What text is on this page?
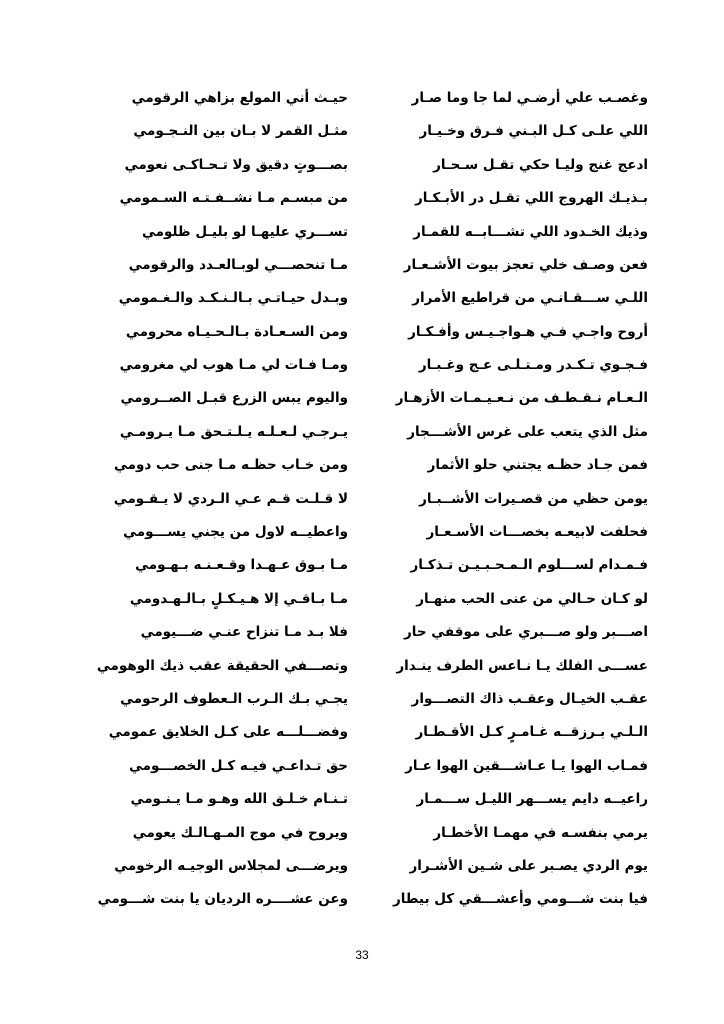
وغصـب علي أرضـي لما جا وما صـار
حيـث أني المولع بزاهي الرقومي
اللي علـى كـل البـني فـرق وخـيـار
مثـل القمر لا بـان بين النـجـومي
ادعج غنج وليـا حكي تقـل سـحـار
بصـــوتٍ دقيق ولا تـحـاكـى نعومي
بـذيـك الهروج اللي تقـل در الأبـكـار
من مبسـم مـا نشــفـتـه السـمومي
وذيك الخـدود اللي تشـــابــه للقمـار
تســـري عليهـا لو بليـل ظلومي
فعن وصـف خلي تعجز بيوت الأشـعـار
مـا تنحصـــي لوبـالعـدد والرقومي
اللـي ســـقـانـي من قراطيع الأمرار
وبـدل حيـاتـي بـالـنـكـد والـغـمومي
أروح واجـي فـي هـواجـيـس وأفـكـار
ومن السـعـادة بـالـحـيـاه محرومي
فـجـوي تـكـدر ومـتـلـى عـج وغـبـار
ومـا فـات لي مـا هوب لي مغرومي
الـعـام نـقـطـف من نـعـيـمـات الأزهـار
واليوم يبس الزرع قبـل الصــرومي
مثل الذي يتعب على غرس الأشـــجار
يـرجـي لـعـلـه يـلـتـحق مـا يـرومـي
فمن جـاد حظـه يجتني حلو الأثمار
ومن خـاب حظـه مـا جنى حب دومي
يومن حظي من قصـيرات الأشــبـار
لا قـلـت قـم عـي الـردي لا يـقـومي
فحلفت لابيعـه بخصـــات الأسـعـار
واعطيــه لاول من يجني يســـومي
فـمـدام لســـلوم الـمـحـبـيـن تـذكـار
مـا بـوق عـهـدا وقـعـنـه بـهـومي
لو كـان حـالي من عنى الحب منهـار
مـا بـاقـي إلا هـيـكـلٍ بـالـهـدومي
اصـــبر ولو صـــبري على موقفي حار
فلا بـد مـا تنزاح عنـي ضـــيومي
عســـى الفلك يـا نـاعس الطرف ينـدار
وتصـــفي الحقيقة عقب ذيك الوهومي
عقـب الخيـال وعقـب ذاك التصـــوار
يجـي بـك الـرب الـعطوف الرحومي
الـلـي بـرزقــه غـامـرٍ كـل الأقـطـار
وفضـــلـــه على كـل الخلايق عمومي
فمـاب الهوا يـا عـاشـــقين الهوا عـار
حق تـداعـي فيـه كـل الخصـــومي
راعيــه دايم يســـهر الليـل ســـمـار
تـنـام خـلـق الله وهـو مـا يـنـومي
يرمي بنفسـه في مهمـا الأخطـار
ويروح في موج المـهـالـك يعومي
يوم الردي يصـبر على شـين الأشـرار
ويرضـــى لمجلاس الوجيـه الرخومي
فيا بنت شـــومي وأعشـــقي كل بيطار
وعن عشــــره الرديان يا بنت شـــومي
33
